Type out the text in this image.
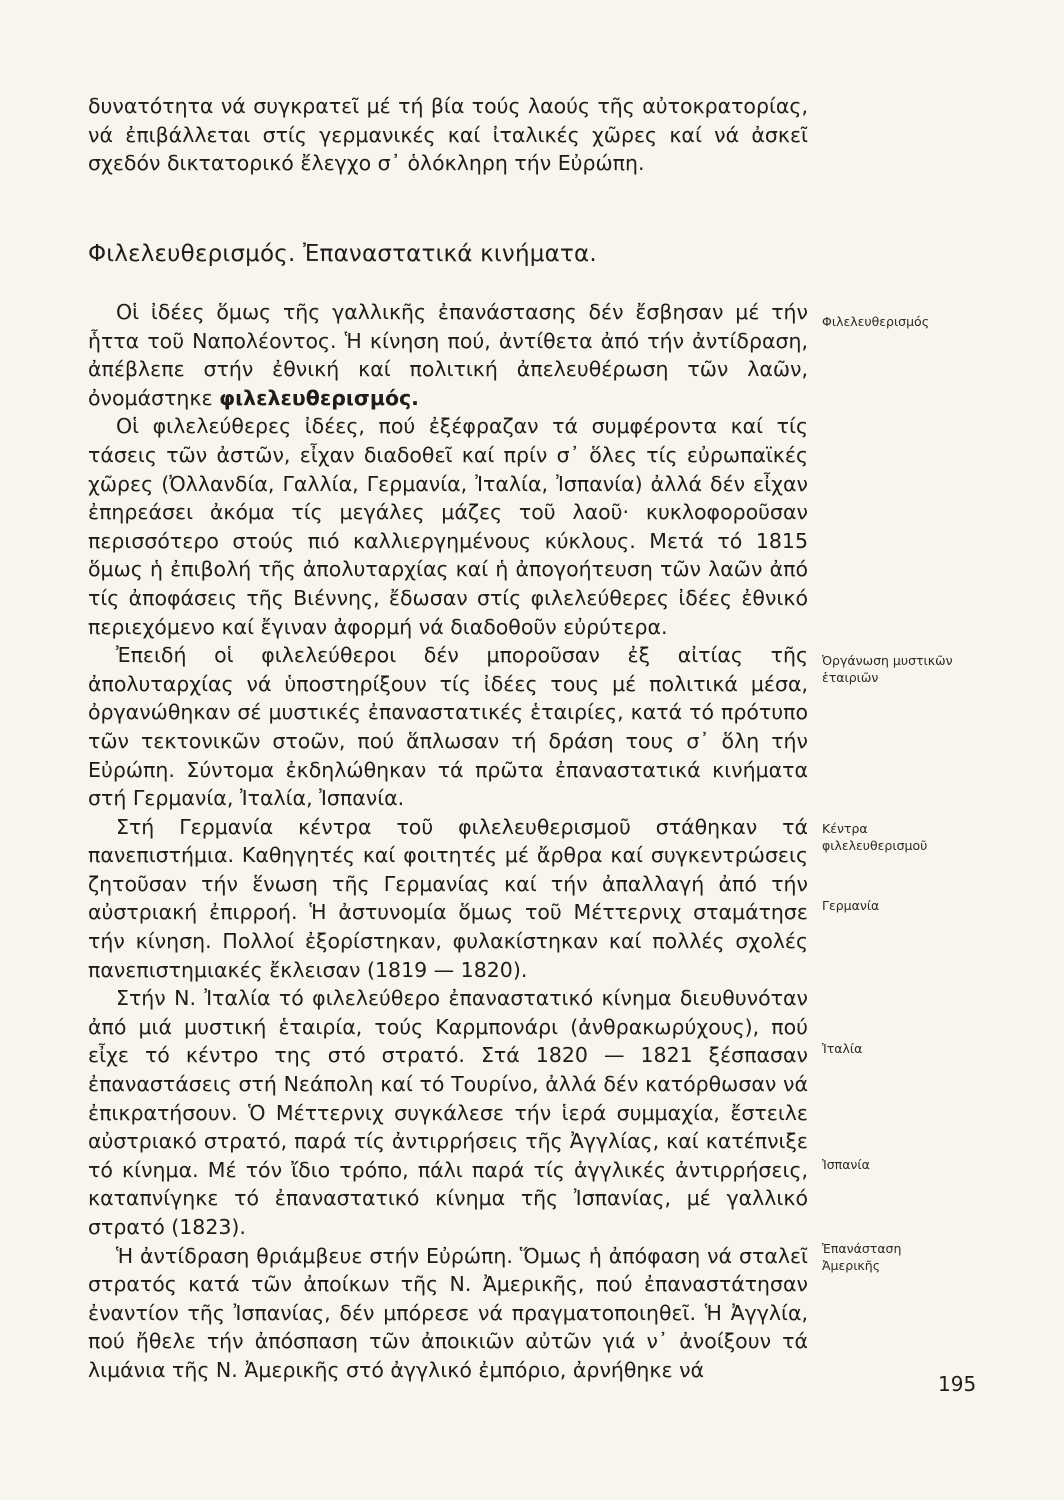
δυνατότητα νά συγκρατεῖ μέ τή βία τούς λαούς τῆς αὐτοκρατορίας, νά ἐπιβάλλεται στίς γερμανικές καί ἰταλικές χῶρες καί νά ἀσκεῖ σχεδόν δικτατορικό ἔλεγχο σ᾽ ὁλόκληρη τήν Εὐρώπη.

Φιλελευθερισμός. Ἐπαναστατικά κινήματα.

Οἱ ἰδέες ὅμως τῆς γαλλικῆς ἐπανάστασης δέν ἔσβησαν μέ τήν ἧττα τοῦ Ναπολέοντος. Ἡ κίνηση πού, ἀντίθετα ἀπό τήν ἀντίδραση, ἀπέβλεπε στήν ἐθνική καί πολιτική ἀπελευθέρωση τῶν λαῶν, ὀνομάστηκε φιλελευθερισμός.

Οἱ φιλελεύθερες ἰδέες, πού ἐξέφραζαν τά συμφέροντα καί τίς τάσεις τῶν ἀστῶν, εἶχαν διαδοθεῖ καί πρίν σ᾽ ὅλες τίς εὐρωπαϊκές χῶρες (Ὀλλανδία, Γαλλία, Γερμανία, Ἰταλία, Ἰσπανία) ἀλλά δέν εἶχαν ἐπηρεάσει ἀκόμα τίς μεγάλες μάζες τοῦ λαοῦ· κυκλοφοροῦσαν περισσότερο στούς πιό καλλιεργημένους κύκλους. Μετά τό 1815 ὅμως ἡ ἐπιβολή τῆς ἀπολυταρχίας καί ἡ ἀπογοήτευση τῶν λαῶν ἀπό τίς ἀποφάσεις τῆς Βιέννης, ἔδωσαν στίς φιλελεύθερες ἰδέες ἐθνικό περιεχόμενο καί ἔγιναν ἀφορμή νά διαδοθοῦν εὐρύτερα.

Ἐπειδή οἱ φιλελεύθεροι δέν μποροῦσαν ἐξ αἰτίας τῆς ἀπολυταρχίας νά ὑποστηρίξουν τίς ἰδέες τους μέ πολιτικά μέσα, ὀργανώθηκαν σέ μυστικές ἐπαναστατικές ἑταιρίες, κατά τό πρότυπο τῶν τεκτονικῶν στοῶν, πού ἅπλωσαν τή δράση τους σ᾽ ὅλη τήν Εὐρώπη. Σύντομα ἐκδηλώθηκαν τά πρῶτα ἐπαναστατικά κινήματα στή Γερμανία, Ἰταλία, Ἰσπανία.

Στή Γερμανία κέντρα τοῦ φιλελευθερισμοῦ στάθηκαν τά πανεπιστήμια. Καθηγητές καί φοιτητές μέ ἄρθρα καί συγκεντρώσεις ζητοῦσαν τήν ἕνωση τῆς Γερμανίας καί τήν ἀπαλλαγή ἀπό τήν αὐστριακή ἐπιρροή. Ἡ ἀστυνομία ὅμως τοῦ Μέττερνιχ σταμάτησε τήν κίνηση. Πολλοί ἐξορίστηκαν, φυλακίστηκαν καί πολλές σχολές πανεπιστημιακές ἔκλεισαν (1819 — 1820).

Στήν Ν. Ἰταλία τό φιλελεύθερο ἐπαναστατικό κίνημα διευθυνόταν ἀπό μιά μυστική ἑταιρία, τούς Καρμπονάρι (ἀνθρακωρύχους), πού εἶχε τό κέντρο της στό στρατό. Στά 1820 — 1821 ξέσπασαν ἐπαναστάσεις στή Νεάπολη καί τό Τουρίνο, ἀλλά δέν κατόρθωσαν νά ἐπικρατήσουν. Ὁ Μέττερνιχ συγκάλεσε τήν ἱερά συμμαχία, ἔστειλε αὐστριακό στρατό, παρά τίς ἀντιρρήσεις τῆς Ἀγγλίας, καί κατέπνιξε τό κίνημα. Μέ τόν ἴδιο τρόπο, πάλι παρά τίς ἀγγλικές ἀντιρρήσεις, καταπνίγηκε τό ἐπαναστατικό κίνημα τῆς Ἰσπανίας, μέ γαλλικό στρατό (1823).

Ἡ ἀντίδραση θριάμβευε στήν Εὐρώπη. Ὅμως ἡ ἀπόφαση νά σταλεῖ στρατός κατά τῶν ἀποίκων τῆς Ν. Ἀμερικῆς, πού ἐπαναστάτησαν ἐναντίον τῆς Ἰσπανίας, δέν μπόρεσε νά πραγματοποιηθεῖ. Ἡ Ἀγγλία, πού ἤθελε τήν ἀπόσπαση τῶν ἀποικιῶν αὐτῶν γιά ν᾽ ἀνοίξουν τά λιμάνια τῆς Ν. Ἀμερικῆς στό ἀγγλικό ἐμπόριο, ἀρνήθηκε νά

Φιλελευθερισμός
Ὀργάνωση μυστικῶν
ἑταιριῶν
Κέντρα
φιλελευθερισμοῦ
Γερμανία
Ἰταλία
Ἰσπανία
Ἐπανάσταση
Ἀμερικῆς
195
